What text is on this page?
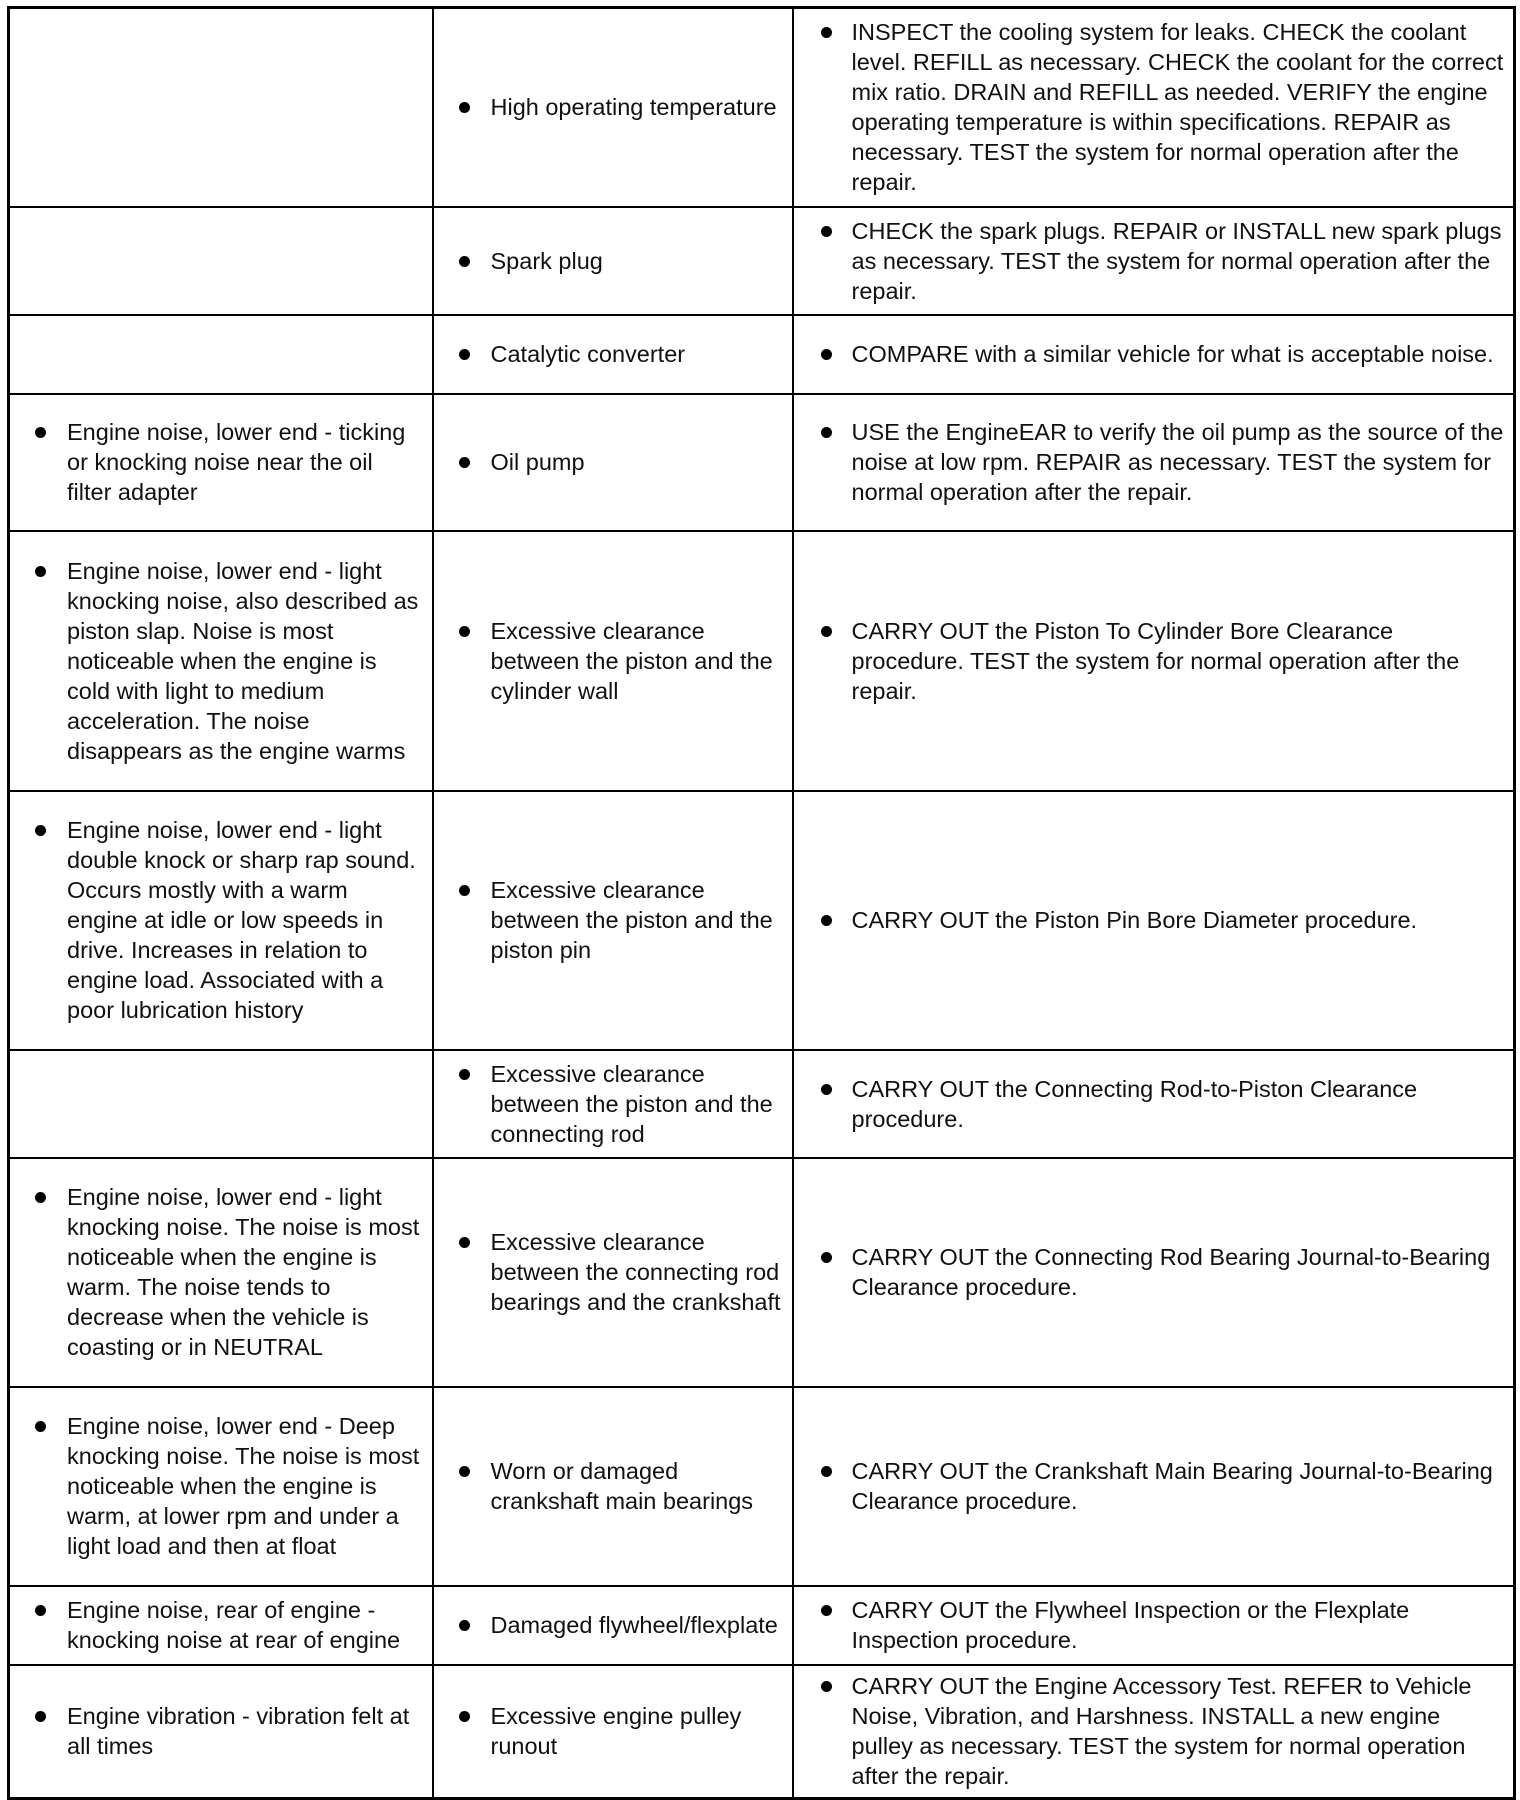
	High operating temperature	INSPECT the cooling system for leaks. CHECK the coolant level. REFILL as necessary. CHECK the coolant for the correct mix ratio. DRAIN and REFILL as needed. VERIFY the engine operating temperature is within specifications. REPAIR as necessary. TEST the system for normal operation after the repair.

	Spark plug	CHECK the spark plugs. REPAIR or INSTALL new spark plugs as necessary. TEST the system for normal operation after the repair.

	Catalytic converter	COMPARE with a similar vehicle for what is acceptable noise.

Engine noise, lower end - ticking or knocking noise near the oil filter adapter	Oil pump	USE the EngineEAR to verify the oil pump as the source of the noise at low rpm. REPAIR as necessary. TEST the system for normal operation after the repair.

Engine noise, lower end - light knocking noise, also described as piston slap. Noise is most noticeable when the engine is cold with light to medium acceleration. The noise disappears as the engine warms	Excessive clearance between the piston and the cylinder wall	CARRY OUT the Piston To Cylinder Bore Clearance procedure. TEST the system for normal operation after the repair.

Engine noise, lower end - light double knock or sharp rap sound. Occurs mostly with a warm engine at idle or low speeds in drive. Increases in relation to engine load. Associated with a poor lubrication history	Excessive clearance between the piston and the piston pin	CARRY OUT the Piston Pin Bore Diameter procedure.

	Excessive clearance between the piston and the connecting rod	CARRY OUT the Connecting Rod-to-Piston Clearance procedure.

Engine noise, lower end - light knocking noise. The noise is most noticeable when the engine is warm. The noise tends to decrease when the vehicle is coasting or in NEUTRAL	Excessive clearance between the connecting rod bearings and the crankshaft	CARRY OUT the Connecting Rod Bearing Journal-to-Bearing Clearance procedure.

Engine noise, lower end - Deep knocking noise. The noise is most noticeable when the engine is warm, at lower rpm and under a light load and then at float	Worn or damaged crankshaft main bearings	CARRY OUT the Crankshaft Main Bearing Journal-to-Bearing Clearance procedure.

Engine noise, rear of engine - knocking noise at rear of engine	Damaged flywheel/flexplate	CARRY OUT the Flywheel Inspection or the Flexplate Inspection procedure.

Engine vibration - vibration felt at all times	Excessive engine pulley runout	CARRY OUT the Engine Accessory Test. REFER to Vehicle Noise, Vibration, and Harshness. INSTALL a new engine pulley as necessary. TEST the system for normal operation after the repair.
